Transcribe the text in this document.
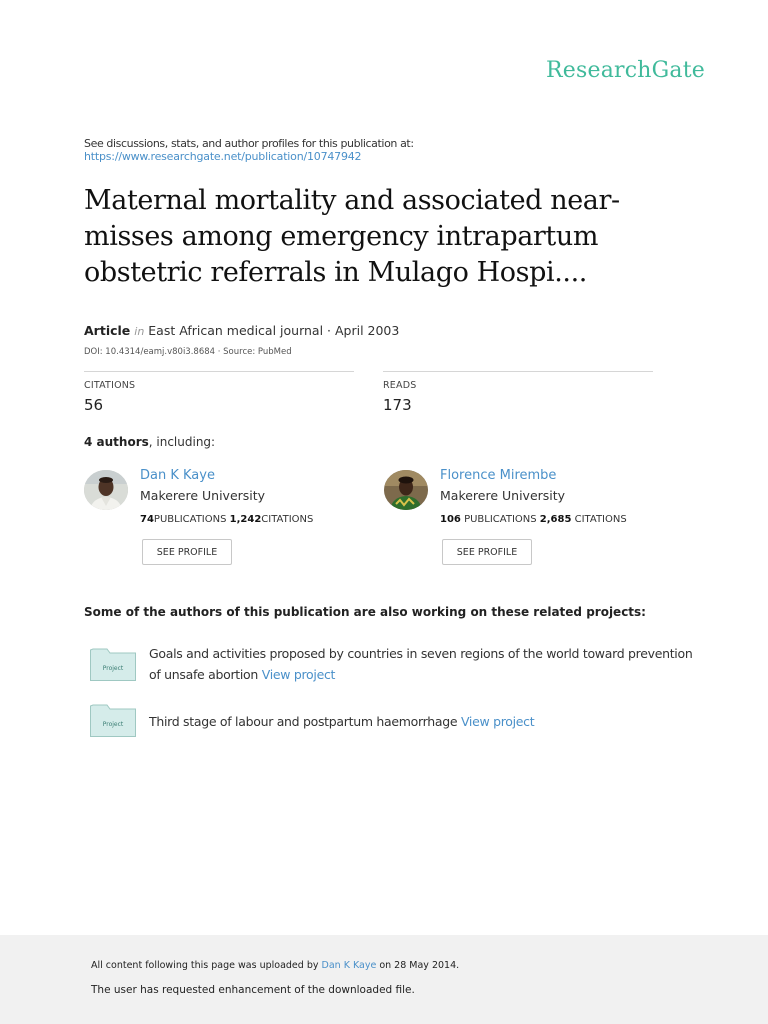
ResearchGate
See discussions, stats, and author profiles for this publication at:
https://www.researchgate.net/publication/10747942
Maternal mortality and associated near-misses among emergency intrapartum obstetric referrals in Mulago Hospi....
Article in East African medical journal · April 2003
DOI: 10.4314/eamj.v80i3.8684 · Source: PubMed
CITATIONS
56
READS
173
4 authors, including:
Dan K Kaye
Makerere University
74PUBLICATIONS 1,242CITATIONS
SEE PROFILE
Florence Mirembe
Makerere University
106 PUBLICATIONS 2,685 CITATIONS
SEE PROFILE
Some of the authors of this publication are also working on these related projects:
Project
Goals and activities proposed by countries in seven regions of the world toward prevention of unsafe abortion View project
Project Third stage of labour and postpartum haemorrhage View project
All content following this page was uploaded by Dan K Kaye on 28 May 2014.
The user has requested enhancement of the downloaded file.
